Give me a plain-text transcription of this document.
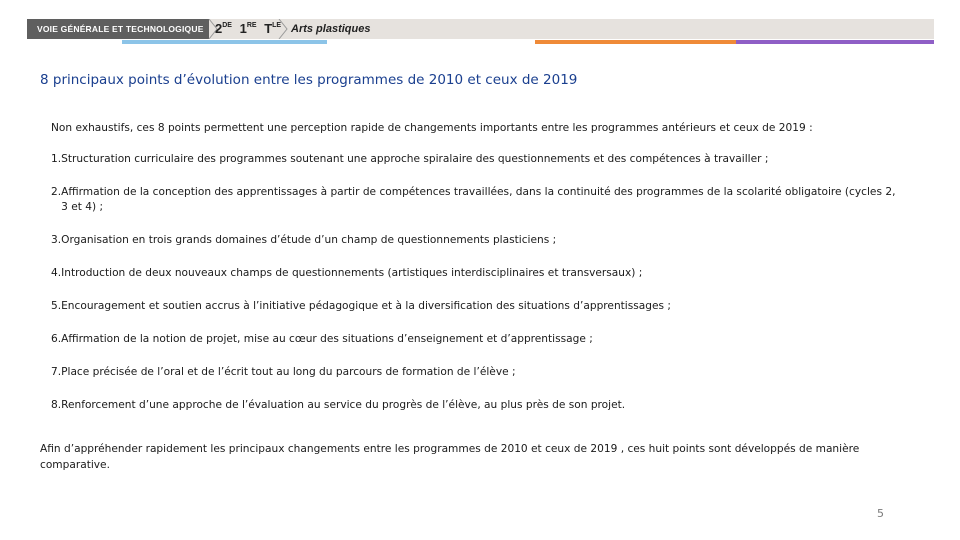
VOIE GÉNÉRALE ET TECHNOLOGIQUE 2DE 1RE $T^{LE}$ Arts plastiques
8 principaux points d’évolution entre les programmes de 2010 et ceux de 2019

Non exhaustifs, ces 8 points permettent une perception rapide de changements importants entre les programmes antérieurs et ceux de 2019 :

1. Structuration curriculaire des programmes soutenant une approche spiralaire des questionnements et des compétences à travailler ;
2. Affirmation de la conception des apprentissages à partir de compétences travaillées, dans la continuité des programmes de la scolarité obligatoire (cycles 2, 3 et 4) ;
3. Organisation en trois grands domaines d’étude d’un champ de questionnements plasticiens ;
4. Introduction de deux nouveaux champs de questionnements (artistiques interdisciplinaires et transversaux) ;
5. Encouragement et soutien accrus à l’initiative pédagogique et à la diversification des situations d’apprentissages ;
6. Affirmation de la notion de projet, mise au cœur des situations d’enseignement et d’apprentissage ;
7. Place précisée de l’oral et de l’écrit tout au long du parcours de formation de l’élève ;
8. Renforcement d’une approche de l’évaluation au service du progrès de l’élève, au plus près de son projet.
Afin d’appréhender rapidement les principaux changements entre les programmes de 2010 et ceux de 2019 , ces huit points sont développés de manière comparative.
5
